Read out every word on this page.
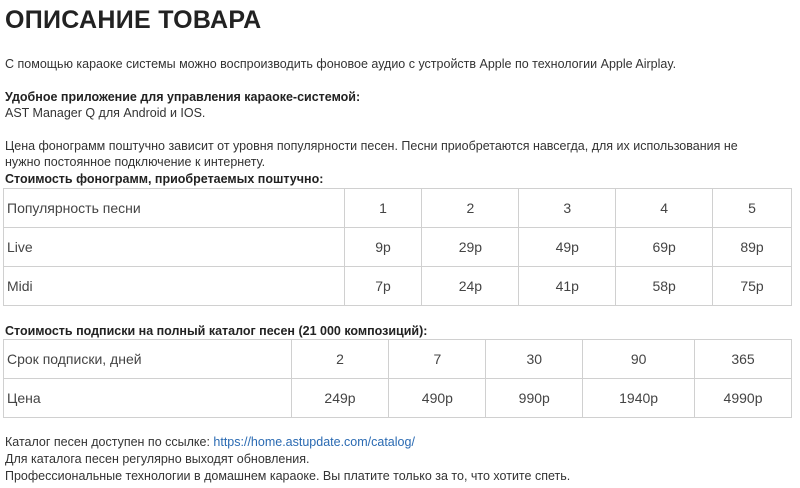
ОПИСАНИЕ ТОВАРА

С помощью караоке системы можно воспроизводить фоновое аудио с устройств Apple по технологии Apple Airplay.

Удобное приложение для управления караоке-системой:

AST Manager Q для Android и IOS.

Цена фонограмм поштучно зависит от уровня популярности песен. Песни приобретаются навсегда, для их использования не

нужно постоянное подключение к интернету.

Стоимость фонограмм, приобретаемых поштучно:

Популярность песни	1	2	3	4	5
Live	9р	29р	49р	69р	89р
Midi	7р	24р	41р	58р	75р

Стоимость подписки на полный каталог песен (21 000 композиций):

Срок подписки, дней	2	7	30	90	365
Цена	249р	490р	990р	1940р	4990р

Каталог песен доступен по ссылке: https://home.astupdate.com/catalog/

Для каталога песен регулярно выходят обновления.

Профессиональные технологии в домашнем караоке. Вы платите только за то, что хотите спеть.
